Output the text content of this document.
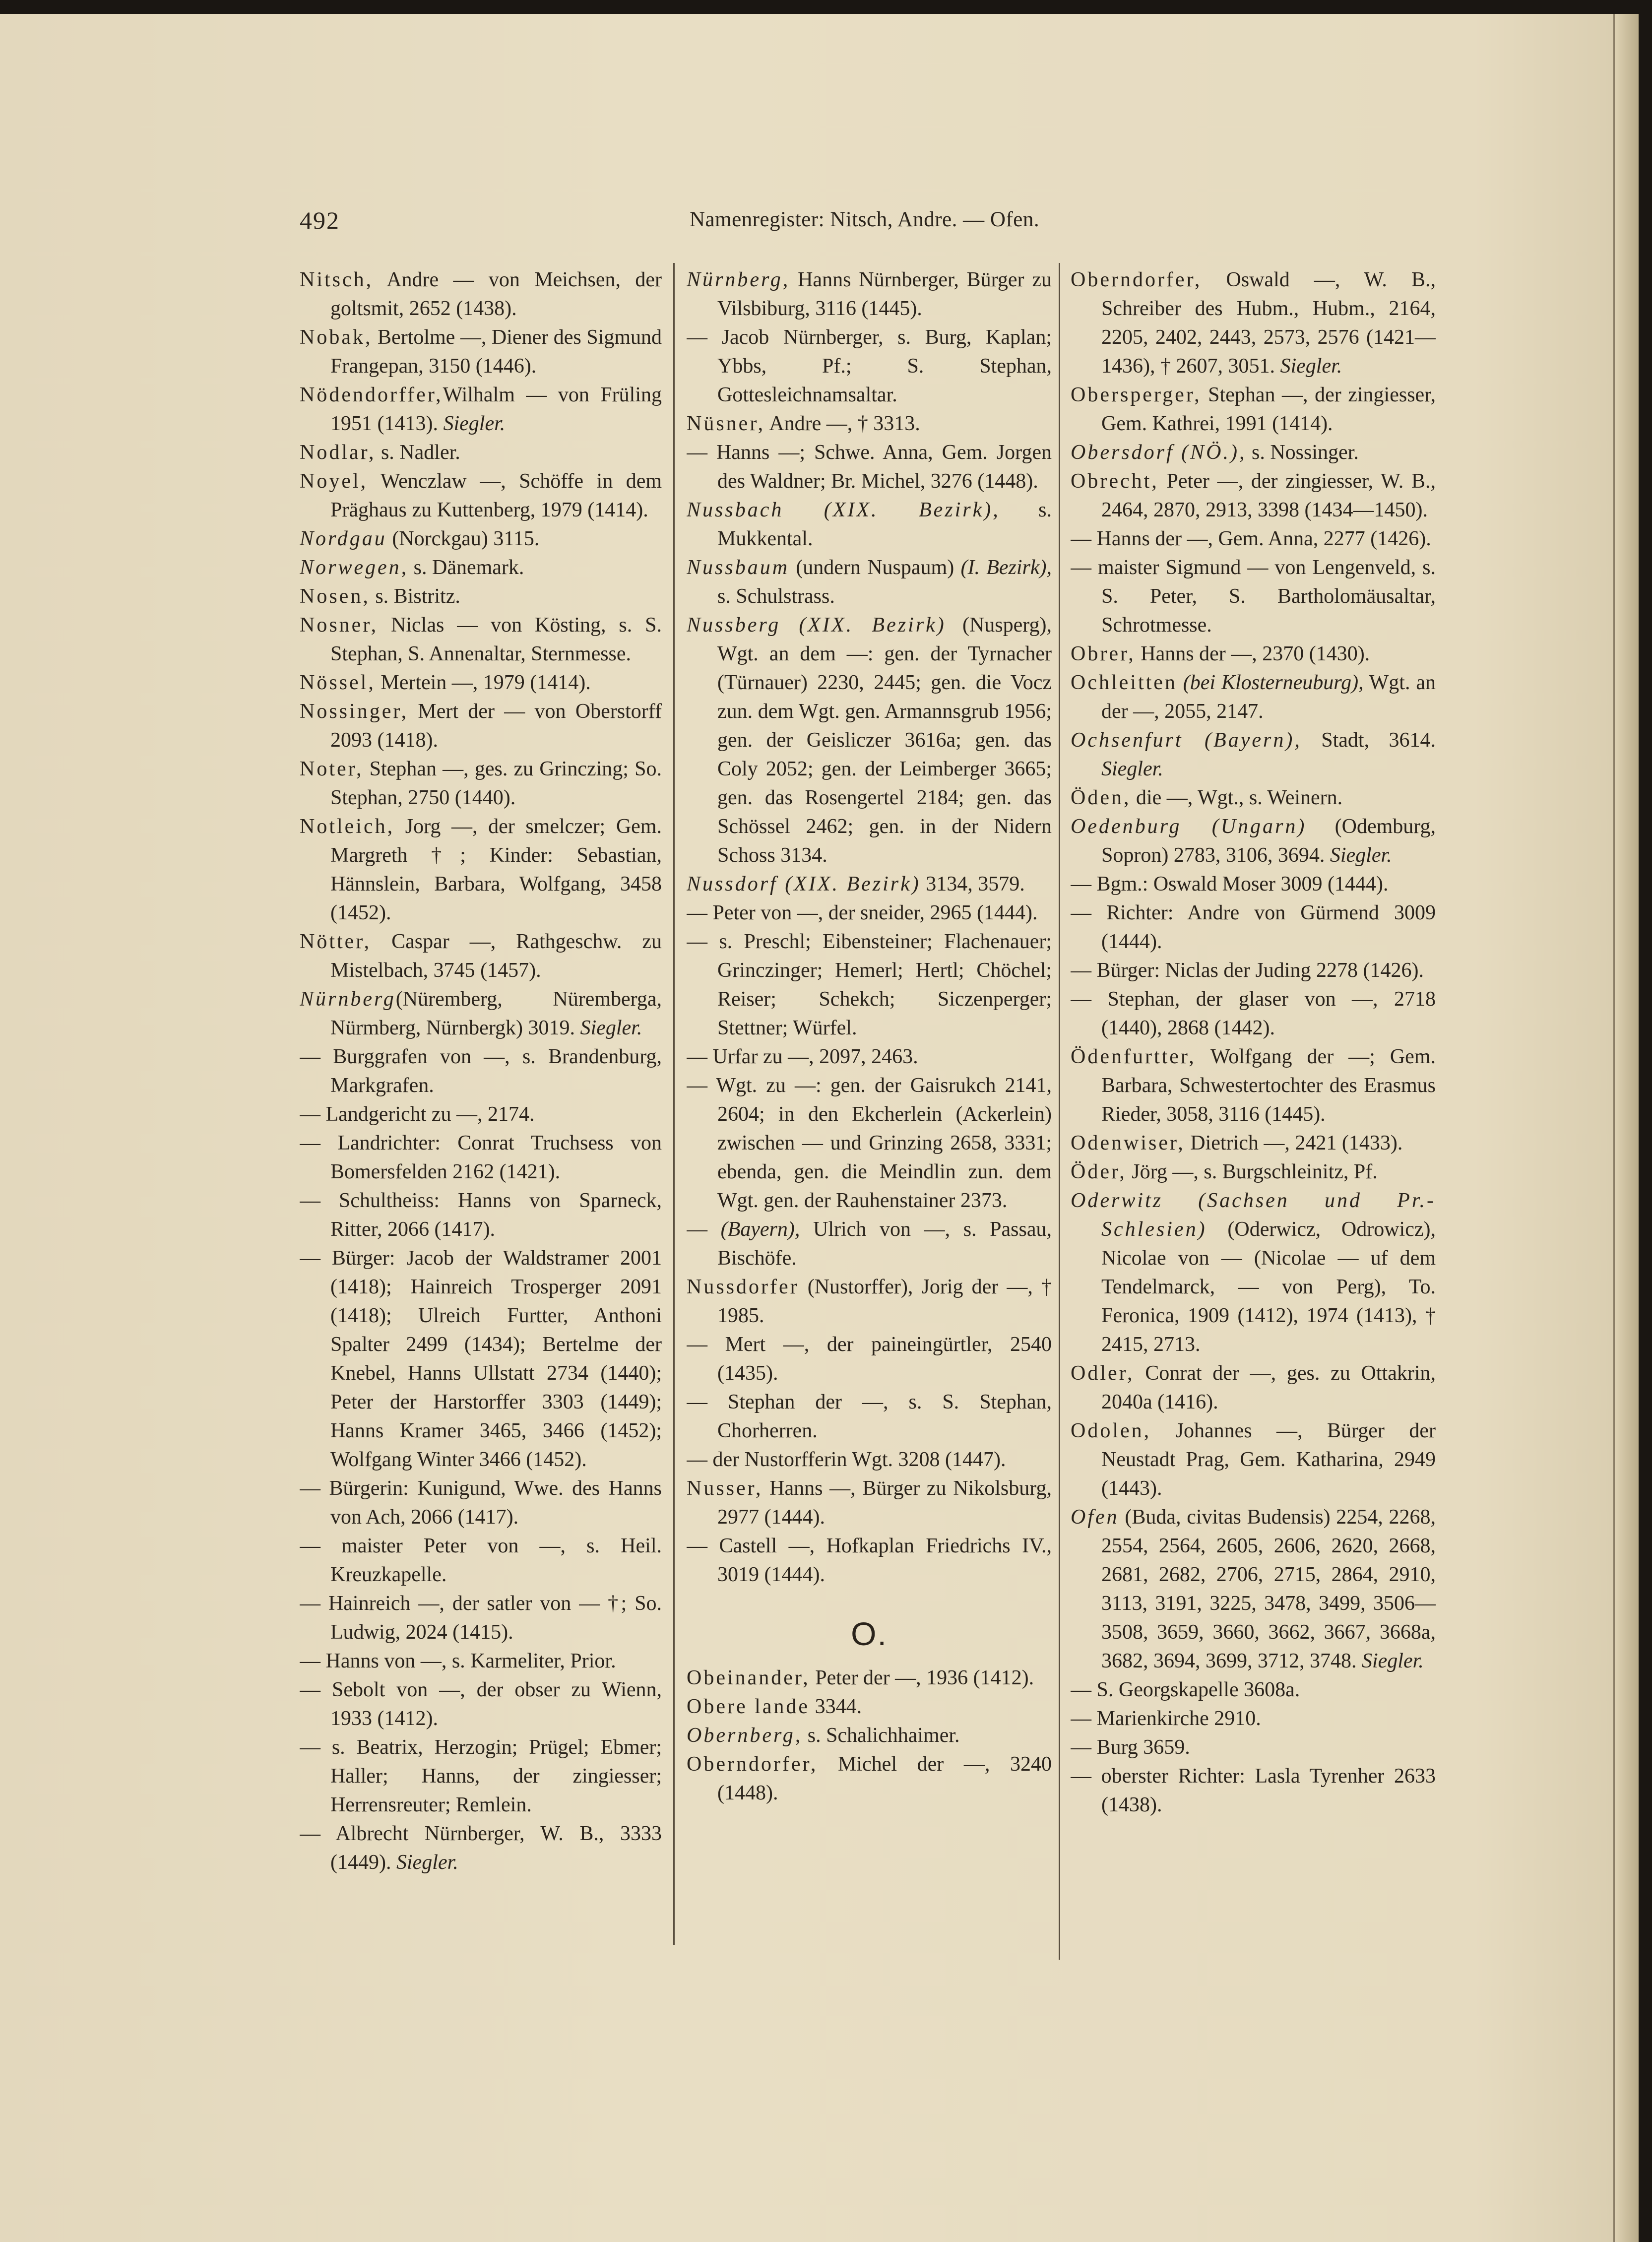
492	Namenregister: Nitsch, Andre. — Ofen.

Nitsch, Andre — von Meichsen, der goltsmit, 2652 (1438).

Nobak, Bertolme —, Diener des Sigmund Frangepan, 3150 (1446).

Nödendorffer,Wilhalm — von Früling 1951 (1413). Siegler.

Nodlar, s. Nadler.

Noyel, Wenczlaw —, Schöffe in dem Präghaus zu Kuttenberg, 1979 (1414).

Nordgau (Norckgau) 3115.

Norwegen, s. Dänemark.

Nosen, s. Bistritz.

Nosner, Niclas — von Kösting, s. S. Stephan, S. Annenaltar, Sternmesse.

Nössel, Mertein —, 1979 (1414).

Nossinger, Mert der — von Oberstorff 2093 (1418).

Noter, Stephan —, ges. zu Grinczing; So. Stephan, 2750 (1440).

Notleich, Jorg —, der smelczer; Gem. Margreth †; Kinder: Sebastian, Hännslein, Barbara, Wolfgang, 3458 (1452).

Nötter, Caspar —, Rathgeschw. zu Mistelbach, 3745 (1457).

Nürnberg(Nüremberg, Nüremberga, Nürmberg, Nürnbergk) 3019. Siegler.

— Burggrafen von —, s. Brandenburg, Markgrafen.

— Landgericht zu —, 2174.

— Landrichter: Conrat Truchsess von Bomersfelden 2162 (1421).

— Schultheiss: Hanns von Sparneck, Ritter, 2066 (1417).

— Bürger: Jacob der Waldstramer 2001 (1418); Hainreich Trosperger 2091 (1418); Ulreich Furtter, Anthoni Spalter 2499 (1434); Bertelme der Knebel, Hanns Ullstatt 2734 (1440); Peter der Harstorffer 3303 (1449); Hanns Kramer 3465, 3466 (1452); Wolfgang Winter 3466 (1452).

— Bürgerin: Kunigund, Wwe. des Hanns von Ach, 2066 (1417).

— maister Peter von —, s. Heil. Kreuzkapelle.

— Hainreich —, der satler von — †; So. Ludwig, 2024 (1415).

— Hanns von —, s. Karmeliter, Prior.

— Sebolt von —, der obser zu Wienn, 1933 (1412).

— s. Beatrix, Herzogin; Prügel; Ebmer; Haller; Hanns, der zingiesser; Herrensreuter; Remlein.

— Albrecht Nürnberger, W. B., 3333 (1449). Siegler.

Nürnberg, Hanns Nürnberger, Bürger zu Vilsbiburg, 3116 (1445).

— Jacob Nürnberger, s. Burg, Kaplan; Ybbs, Pf.; S. Stephan, Gottesleichnamsaltar.

Nüsner, Andre —, † 3313.

— Hanns —; Schwe. Anna, Gem. Jorgen des Waldner; Br. Michel, 3276 (1448).

Nussbach (XIX. Bezirk), s. Mukkental.

Nussbaum (undern Nuspaum) (I. Bezirk), s. Schulstrass.

Nussberg (XIX. Bezirk) (Nusperg), Wgt. an dem —: gen. der Tyrnacher (Türnauer) 2230, 2445; gen. die Vocz zun. dem Wgt. gen. Armannsgrub 1956; gen. der Geisliczer 3616a; gen. das Coly 2052; gen. der Leimberger 3665; gen. das Rosengertel 2184; gen. das Schössel 2462; gen. in der Nidern Schoss 3134.

Nussdorf (XIX. Bezirk) 3134, 3579.

— Peter von —, der sneider, 2965 (1444).

— s. Preschl; Eibensteiner; Flachenauer; Grinczinger; Hemerl; Hertl; Chöchel; Reiser; Schekch; Siczenperger; Stettner; Würfel.

— Urfar zu —, 2097, 2463.

— Wgt. zu —: gen. der Gaisrukch 2141, 2604; in den Ekcherlein (Ackerlein) zwischen — und Grinzing 2658, 3331; ebenda, gen. die Meindlin zun. dem Wgt. gen. der Rauhenstainer 2373.

— (Bayern), Ulrich von —, s. Passau, Bischöfe.

Nussdorfer (Nustorffer), Jorig der —, † 1985.

— Mert —, der paineingürtler, 2540 (1435).

— Stephan der —, s. S. Stephan, Chorherren.

— der Nustorfferin Wgt. 3208 (1447).

Nusser, Hanns —, Bürger zu Nikolsburg, 2977 (1444).

— Castell —, Hofkaplan Friedrichs IV., 3019 (1444).

O.

Obeinander, Peter der —, 1936 (1412).

Obere lande 3344.

Obernberg, s. Schalichhaimer.

Oberndorfer, Michel der —, 3240 (1448).

Oberndorfer, Oswald —, W. B., Schreiber des Hubm., Hubm., 2164, 2205, 2402, 2443, 2573, 2576 (1421—1436), † 2607, 3051. Siegler.

Obersperger, Stephan —, der zingiesser, Gem. Kathrei, 1991 (1414).

Obersdorf (NÖ.), s. Nossinger.

Obrecht, Peter —, der zingiesser, W. B., 2464, 2870, 2913, 3398 (1434—1450).

— Hanns der —, Gem. Anna, 2277 (1426).

— maister Sigmund — von Lengenveld, s. S. Peter, S. Bartholomäusaltar, Schrotmesse.

Obrer, Hanns der —, 2370 (1430).

Ochleitten (bei Klosterneuburg), Wgt. an der —, 2055, 2147.

Ochsenfurt (Bayern), Stadt, 3614. Siegler.

Öden, die —, Wgt., s. Weinern.

Oedenburg (Ungarn) (Odemburg, Sopron) 2783, 3106, 3694. Siegler.

— Bgm.: Oswald Moser 3009 (1444).

— Richter: Andre von Gürmend 3009 (1444).

— Bürger: Niclas der Juding 2278 (1426).

— Stephan, der glaser von —, 2718 (1440), 2868 (1442).

Ödenfurtter, Wolfgang der —; Gem. Barbara, Schwestertochter des Erasmus Rieder, 3058, 3116 (1445).

Odenwiser, Dietrich —, 2421 (1433).

Öder, Jörg —, s. Burgschleinitz, Pf.

Oderwitz (Sachsen und Pr.-Schlesien) (Oderwicz, Odrowicz), Nicolae von — (Nicolae — uf dem Tendelmarck, — von Perg), To. Feronica, 1909 (1412), 1974 (1413), † 2415, 2713.

Odler, Conrat der —, ges. zu Ottakrin, 2040a (1416).

Odolen, Johannes —, Bürger der Neustadt Prag, Gem. Katharina, 2949 (1443).

Ofen (Buda, civitas Budensis) 2254, 2268, 2554, 2564, 2605, 2606, 2620, 2668, 2681, 2682, 2706, 2715, 2864, 2910, 3113, 3191, 3225, 3478, 3499, 3506—3508, 3659, 3660, 3662, 3667, 3668a, 3682, 3694, 3699, 3712, 3748. Siegler.

— S. Georgskapelle 3608a.

— Marienkirche 2910.

— Burg 3659.

— oberster Richter: Lasla Tyrenher 2633 (1438).
